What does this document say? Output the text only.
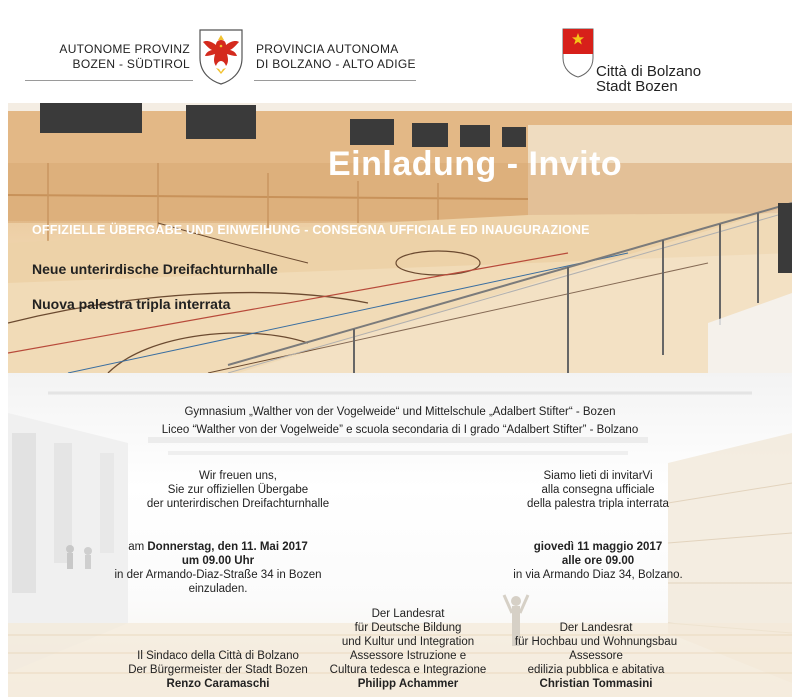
AUTONOME PROVINZ
BOZEN - SÜDTIROL
PROVINCIA AUTONOMA
DI BOLZANO - ALTO ADIGE	Città di Bolzano
Stadt Bozen
Einladung - Invito
OFFIZIELLE ÜBERGABE UND EINWEIHUNG - CONSEGNA UFFICIALE ED INAUGURAZIONE
Neue unterirdische Dreifachturnhalle
Nuova palestra tripla interrata
Gymnasium „Walther von der Vogelweide“ und Mittelschule „Adalbert Stifter“ - Bozen
Liceo “Walther von der Vogelweide” e scuola secondaria di I grado “Adalbert Stifter” - Bolzano
Wir freuen uns,
Sie zur offiziellen Übergabe
der unterirdischen Dreifachturnhalle
Siamo lieti di invitarVi
alla consegna ufficiale
della palestra tripla interrata
am Donnerstag, den 11. Mai 2017
um 09.00 Uhr
in der Armando-Diaz-Straße 34 in Bozen
einzuladen.
giovedì 11 maggio 2017
alle ore 09.00
in via Armando Diaz 34, Bolzano.
Il Sindaco della Città di Bolzano
Der Bürgermeister der Stadt Bozen
Renzo Caramaschi
Der Landesrat
für Deutsche Bildung
und Kultur und Integration
Assessore Istruzione e
Cultura tedesca e Integrazione
Philipp Achammer
Der Landesrat
für Hochbau und Wohnungsbau
Assessore
edilizia pubblica e abitativa
Christian Tommasini
